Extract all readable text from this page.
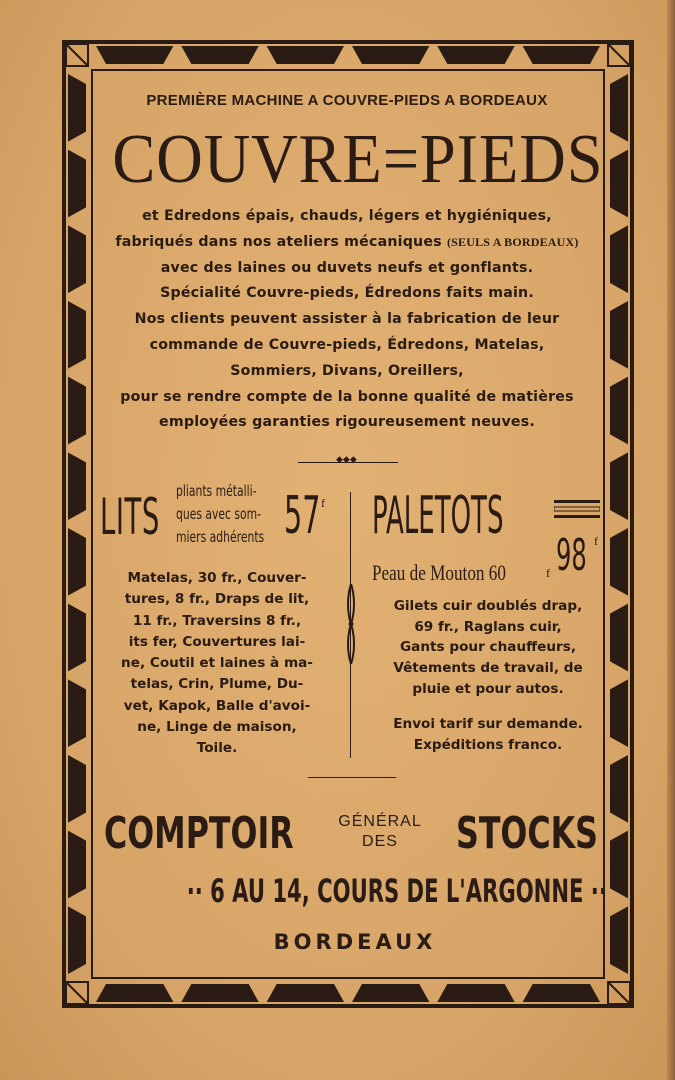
PREMIÈRE MACHINE A COUVRE-PIEDS A BORDEAUX
COUVRE=PIEDS
et Edredons épais, chauds, légers et hygiéniques,
fabriqués dans nos ateliers mécaniques (SEULS A BORDEAUX)
avec des laines ou duvets neufs et gonflants.
Spécialité Couvre-pieds, Édredons faits main.
Nos clients peuvent assister à la fabrication de leur
commande de Couvre-pieds, Édredons, Matelas,
Sommiers, Divans, Oreillers,
pour se rendre compte de la bonne qualité de matières
employées garanties rigoureusement neuves.
◆◆◆
LITS pliants métalli-
ques avec som-
miers adhérents 57 f
Matelas, 30 fr., Couver-
tures, 8 fr., Draps de lit,
11 fr., Traversins 8 fr.,
its fer, Couvertures lai-
ne, Coutil et laines à ma-
telas, Crin, Plume, Du-
vet, Kapok, Balle d'avoi-
ne, Linge de maison,
Toile.
PALETOTS
Peau de Mouton 60	f 98 f
Gilets cuir doublés drap,
69 fr., Raglans cuir,
Gants pour chauffeurs,
Vêtements de travail, de
pluie et pour autos.
Envoi tarif sur demande.
Expéditions franco.
COMPTOIR	GÉNÉRAL
DES	STOCKS
·· 6 AU 14, COURS DE L'ARGONNE ··
BORDEAUX
